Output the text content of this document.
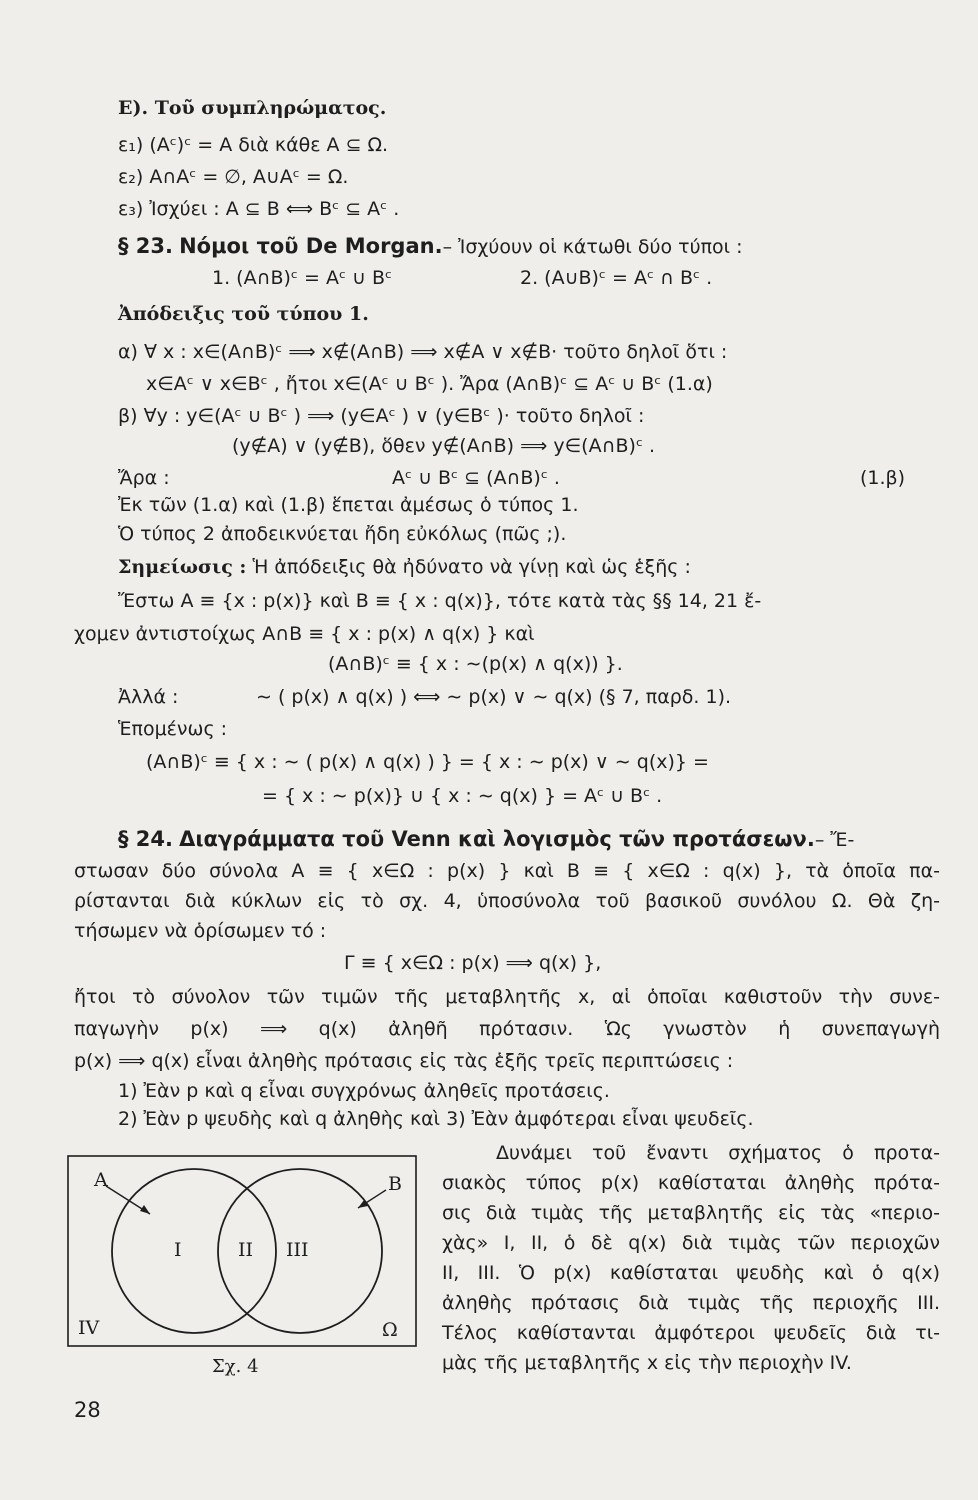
Ε). Τοῦ συμπληρώματος.
ε₁) (Aᶜ)ᶜ = A διὰ κάθε A ⊆ Ω.
ε₂) A∩Aᶜ = ∅, A∪Aᶜ = Ω.
ε₃) Ἰσχύει : A ⊆ B ⟺ Bᶜ ⊆ Aᶜ .
§ 23. Νόμοι τοῦ De Morgan.– Ἰσχύουν οἱ κάτωθι δύο τύποι :
1. (A∩B)ᶜ = Aᶜ ∪ Bᶜ	2. (A∪B)ᶜ = Aᶜ ∩ Bᶜ .
Ἀπόδειξις τοῦ τύπου 1.
α) ∀ x : x∈(A∩B)ᶜ ⟹ x∉(A∩B) ⟹ x∉A ∨ x∉B· τοῦτο δηλοῖ ὅτι :
x∈Aᶜ ∨ x∈Bᶜ , ἤτοι x∈(Aᶜ ∪ Bᶜ ). Ἄρα (A∩B)ᶜ ⊆ Aᶜ ∪ Bᶜ (1.α)
β) ∀y : y∈(Aᶜ ∪ Bᶜ ) ⟹ (y∈Aᶜ ) ∨ (y∈Bᶜ )· τοῦτο δηλοῖ :
(y∉A) ∨ (y∉B), ὅθεν y∉(A∩B) ⟹ y∈(A∩B)ᶜ .
Ἄρα :	Aᶜ ∪ Bᶜ ⊆ (A∩B)ᶜ .	(1.β)
Ἐκ τῶν (1.α) καὶ (1.β) ἕπεται ἀμέσως ὁ τύπος 1.
Ὁ τύπος 2 ἀποδεικνύεται ἤδη εὐκόλως (πῶς ;).
Σημείωσις : Ἡ ἀπόδειξις θὰ ἠδύνατο νὰ γίνῃ καὶ ὡς ἑξῆς :
Ἔστω A ≡ {x : p(x)} καὶ B ≡ { x : q(x)}, τότε κατὰ τὰς §§ 14, 21 ἔ-
χομεν ἀντιστοίχως A∩B ≡ { x : p(x) ∧ q(x) } καὶ
(A∩B)ᶜ ≡ { x : ∼(p(x) ∧ q(x)) }.
Ἀλλά :	∼ ( p(x) ∧ q(x) ) ⟺ ∼ p(x) ∨ ∼ q(x) (§ 7, παρδ. 1).
Ἑπομένως :
(A∩B)ᶜ ≡ { x : ∼ ( p(x) ∧ q(x) ) } = { x : ∼ p(x) ∨ ∼ q(x)} =
= { x : ∼ p(x)} ∪ { x : ∼ q(x) } = Aᶜ ∪ Bᶜ .
§ 24. Διαγράμματα τοῦ Venn καὶ λογισμὸς τῶν προτάσεων.– Ἔ-
στωσαν δύο σύνολα A ≡ { x∈Ω : p(x) } καὶ B ≡ { x∈Ω : q(x) }, τὰ ὁποῖα πα-
ρίστανται διὰ κύκλων εἰς τὸ σχ. 4, ὑποσύνολα τοῦ βασικοῦ συνόλου Ω. Θὰ ζη-
τήσωμεν νὰ ὁρίσωμεν τό :
Γ ≡ { x∈Ω : p(x) ⟹ q(x) },
ἤτοι τὸ σύνολον τῶν τιμῶν τῆς μεταβλητῆς x, αἱ ὁποῖαι καθιστοῦν τὴν συνε-
παγωγὴν p(x) ⟹ q(x) ἀληθῆ πρότασιν. Ὡς γνωστὸν ἡ συνεπαγωγὴ
p(x) ⟹ q(x) εἶναι ἀληθὴς πρότασις εἰς τὰς ἑξῆς τρεῖς περιπτώσεις :
1) Ἐὰν p καὶ q εἶναι συγχρόνως ἀληθεῖς προτάσεις.
2) Ἐὰν p ψευδὴς καὶ q ἀληθὴς καὶ 3) Ἐὰν ἀμφότεραι εἶναι ψευδεῖς.
Δυνάμει τοῦ ἔναντι σχήματος ὁ προτα-
σιακὸς τύπος p(x) καθίσταται ἀληθὴς πρότα-
σις διὰ τιμὰς τῆς μεταβλητῆς εἰς τὰς «περιο-
χὰς» I, II, ὁ δὲ q(x) διὰ τιμὰς τῶν περιοχῶν
II, III. Ὁ p(x) καθίσταται ψευδὴς καὶ ὁ q(x)
ἀληθὴς πρότασις διὰ τιμὰς τῆς περιοχῆς III.
Τέλος καθίστανται ἀμφότεροι ψευδεῖς διὰ τι-
μὰς τῆς μεταβλητῆς x εἰς τὴν περιοχὴν IV.
A	B
I	II III
IV	Ω
Σχ. 4
28
